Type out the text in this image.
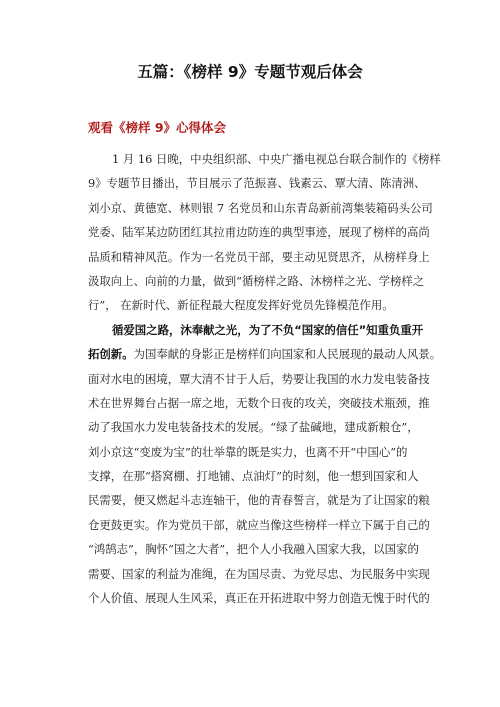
五篇：《榜样 9》专题节观后体会
观看《榜样 9》心得体会
1 月 16 日晚，中央组织部、中央广播电视总台联合制作的《榜样
9》专题节目播出，节目展示了范振喜、钱素云、覃大清、陈清洲、
刘小京、黄德宽、林则银 7 名党员和山东青岛新前湾集装箱码头公司
党委、陆军某边防团红其拉甫边防连的典型事迹，展现了榜样的高尚
品质和精神风范。作为一名党员干部，要主动见贤思齐，从榜样身上
汲取向上、向前的力量，做到“循榜样之路、沐榜样之光、学榜样之
行”， 在新时代、新征程最大程度发挥好党员先锋模范作用。
循爱国之路，沐奉献之光，为了不负“国家的信任”知重负重开
拓创新。为国奉献的身影正是榜样们向国家和人民展现的最动人风景。
面对水电的困境，覃大清不甘于人后，势要让我国的水力发电装备技
术在世界舞台占据一席之地，无数个日夜的攻关，突破技术瓶颈，推
动了我国水力发电装备技术的发展。“绿了盐碱地，建成新粮仓”，
刘小京这“变废为宝”的壮举靠的既是实力，也离不开“中国心”的
支撑，在那“搭窝棚、打地铺、点油灯”的时刻，他一想到国家和人
民需要，便又燃起斗志连轴干，他的青春誓言，就是为了让国家的粮
仓更鼓更实。作为党员干部，就应当像这些榜样一样立下属于自己的
“鸿鹄志”，胸怀“国之大者”，把个人小我融入国家大我，以国家的
需要、国家的利益为准绳，在为国尽责、为党尽忠、为民服务中实现
个人价值、展现人生风采，真正在开拓进取中努力创造无愧于时代的
